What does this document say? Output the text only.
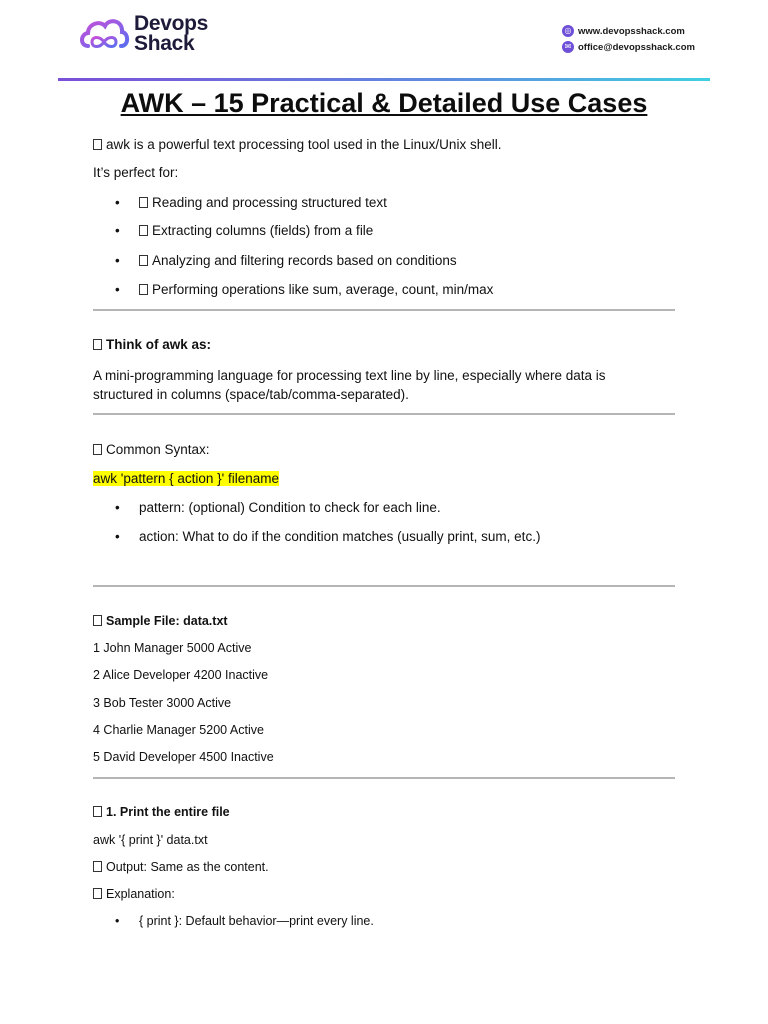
Devops
Shack
◎ www.devopsshack.com
✉ office@devopsshack.com
AWK – 15 Practical & Detailed Use Cases
awk is a powerful text processing tool used in the Linux/Unix shell.
It’s perfect for:
• Reading and processing structured text
• Extracting columns (fields) from a file
• Analyzing and filtering records based on conditions
• Performing operations like sum, average, count, min/max
Think of awk as:
A mini-programming language for processing text line by line, especially where data is structured in columns (space/tab/comma-separated).
Common Syntax:
awk 'pattern { action }' filename
• pattern: (optional) Condition to check for each line.
• action: What to do if the condition matches (usually print, sum, etc.)
Sample File: data.txt
1 John Manager 5000 Active
2 Alice Developer 4200 Inactive
3 Bob Tester 3000 Active
4 Charlie Manager 5200 Active
5 David Developer 4500 Inactive
1. Print the entire file
awk '{ print }' data.txt
Output: Same as the content.
Explanation:
• { print }: Default behavior—print every line.
